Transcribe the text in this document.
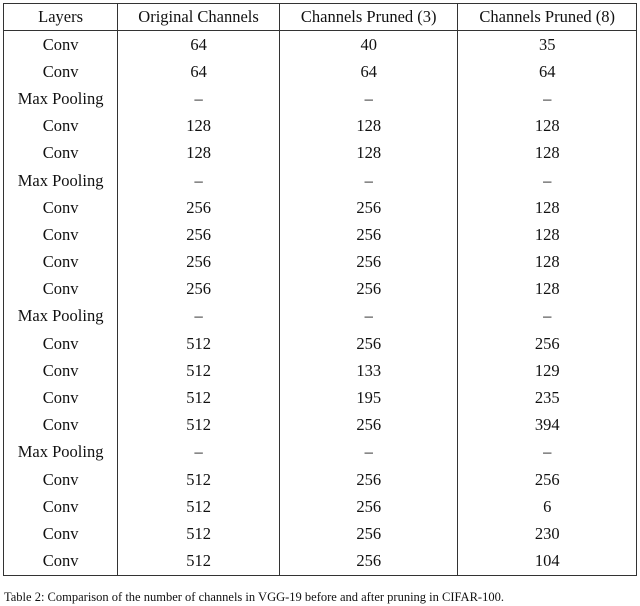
Layers	Original Channels	Channels Pruned (3)	Channels Pruned (8)
Conv	64	40	35
Conv	64	64	64
Max Pooling	–	–	–
Conv	128	128	128
Conv	128	128	128
Max Pooling	–	–	–
Conv	256	256	128
Conv	256	256	128
Conv	256	256	128
Conv	256	256	128
Max Pooling	–	–	–
Conv	512	256	256
Conv	512	133	129
Conv	512	195	235
Conv	512	256	394
Max Pooling	–	–	–
Conv	512	256	256
Conv	512	256	6
Conv	512	256	230
Conv	512	256	104
Table 2: Comparison of the number of channels in VGG-19 before and after pruning in CIFAR-100.
